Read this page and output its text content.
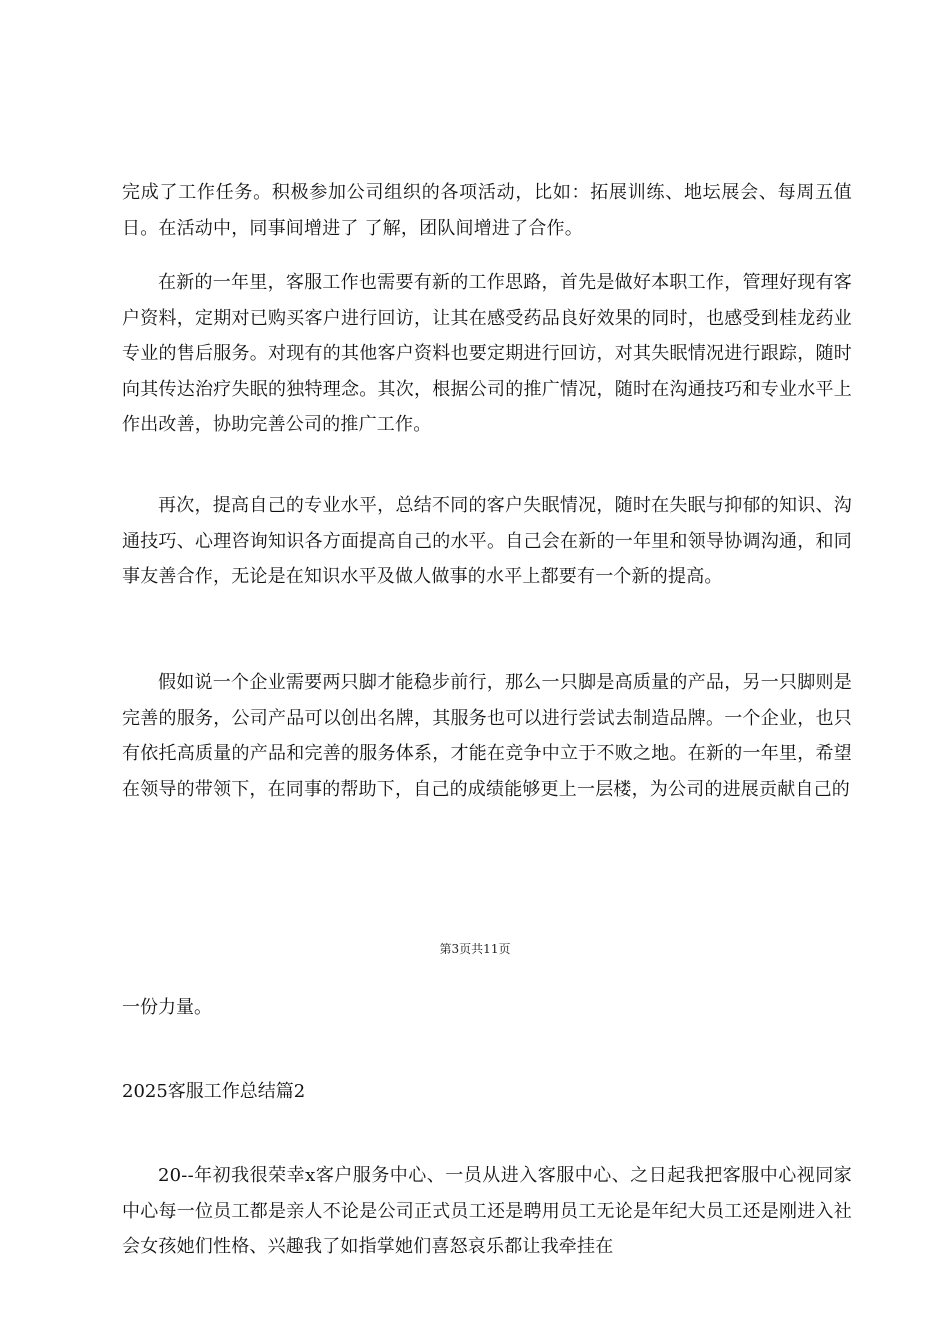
完成了工作任务。积极参加公司组织的各项活动，比如：拓展训练、地坛展会、每周五值日。在活动中，同事间增进了 了解，团队间增进了合作。

在新的一年里，客服工作也需要有新的工作思路，首先是做好本职工作，管理好现有客户资料，定期对已购买客户进行回访，让其在感受药品良好效果的同时，也感受到桂龙药业专业的售后服务。对现有的其他客户资料也要定期进行回访，对其失眠情况进行跟踪，随时向其传达治疗失眠的独特理念。其次，根据公司的推广情况，随时在沟通技巧和专业水平上作出改善，协助完善公司的推广工作。

再次，提高自己的专业水平，总结不同的客户失眠情况，随时在失眠与抑郁的知识、沟通技巧、心理咨询知识各方面提高自己的水平。自己会在新的一年里和领导协调沟通，和同事友善合作，无论是在知识水平及做人做事的水平上都要有一个新的提高。

假如说一个企业需要两只脚才能稳步前行，那么一只脚是高质量的产品，另一只脚则是完善的服务，公司产品可以创出名牌，其服务也可以进行尝试去制造品牌。一个企业，也只有依托高质量的产品和完善的服务体系，才能在竞争中立于不败之地。在新的一年里，希望在领导的带领下，在同事的帮助下，自己的成绩能够更上一层楼，为公司的进展贡献自己的

第3页共11页

一份力量。

2025客服工作总结篇2

20--年初我很荣幸x客户服务中心、一员从进入客服中心、之日起我把客服中心视同家中心每一位员工都是亲人不论是公司正式员工还是聘用员工无论是年纪大员工还是刚进入社会女孩她们性格、兴趣我了如指掌她们喜怒哀乐都让我牵挂在
